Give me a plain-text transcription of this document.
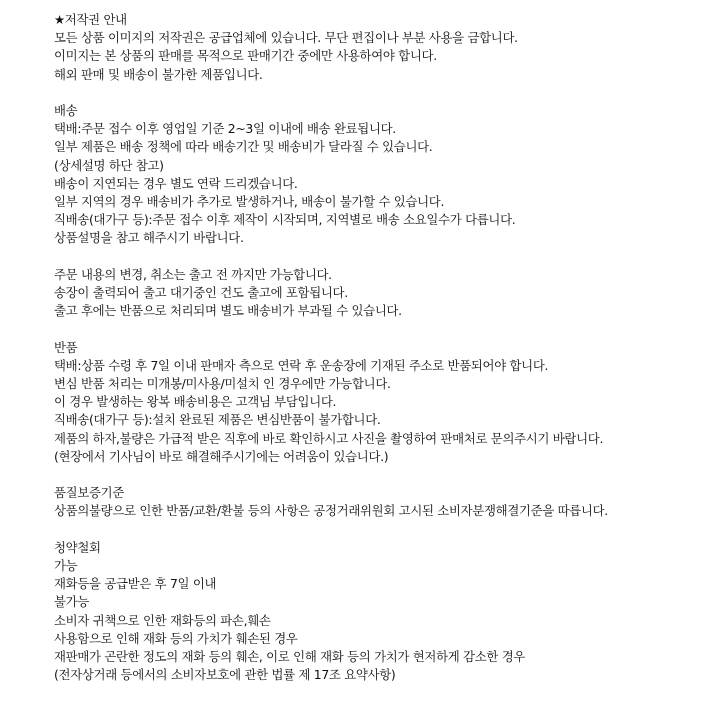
★저작권 안내
모든 상품 이미지의 저작권은 공급업체에 있습니다. 무단 편집이나 부분 사용을 금합니다.
이미지는 본 상품의 판매를 목적으로 판매기간 중에만 사용하여야 합니다.
해외 판매 및 배송이 불가한 제품입니다.
배송
택배:주문 접수 이후 영업일 기준 2~3일 이내에 배송 완료됩니다.
일부 제품은 배송 정책에 따라 배송기간 및 배송비가 달라질 수 있습니다.
(상세설명 하단 참고)
배송이 지연되는 경우 별도 연락 드리겠습니다.
일부 지역의 경우 배송비가 추가로 발생하거나, 배송이 불가할 수 있습니다.
직배송(대가구 등):주문 접수 이후 제작이 시작되며, 지역별로 배송 소요일수가 다릅니다.
상품설명을 참고 해주시기 바랍니다.
주문 내용의 변경, 취소는 출고 전 까지만 가능합니다.
송장이 출력되어 출고 대기중인 건도 출고에 포함됩니다.
출고 후에는 반품으로 처리되며 별도 배송비가 부과될 수 있습니다.
반품
택배:상품 수령 후 7일 이내 판매자 측으로 연락 후 운송장에 기재된 주소로 반품되어야 합니다.
변심 반품 처리는 미개봉/미사용/미설치 인 경우에만 가능합니다.
이 경우 발생하는 왕복 배송비용은 고객님 부담입니다.
직배송(대가구 등):설치 완료된 제품은 변심반품이 불가합니다.
제품의 하자,불량은 가급적 받은 직후에 바로 확인하시고 사진을 촬영하여 판매처로 문의주시기 바랍니다.
(현장에서 기사님이 바로 해결해주시기에는 어려움이 있습니다.)
품질보증기준
상품의불량으로 인한 반품/교환/환불 등의 사항은 공정거래위원회 고시된 소비자분쟁해결기준을 따릅니다.
청약철회
가능
재화등을 공급받은 후 7일 이내
불가능
소비자 귀책으로 인한 재화등의 파손,훼손
사용함으로 인해 재화 등의 가치가 훼손된 경우
재판매가 곤란한 정도의 재화 등의 훼손, 이로 인해 재화 등의 가치가 현저하게 감소한 경우
(전자상거래 등에서의 소비자보호에 관한 법률 제 17조 요약사항)
